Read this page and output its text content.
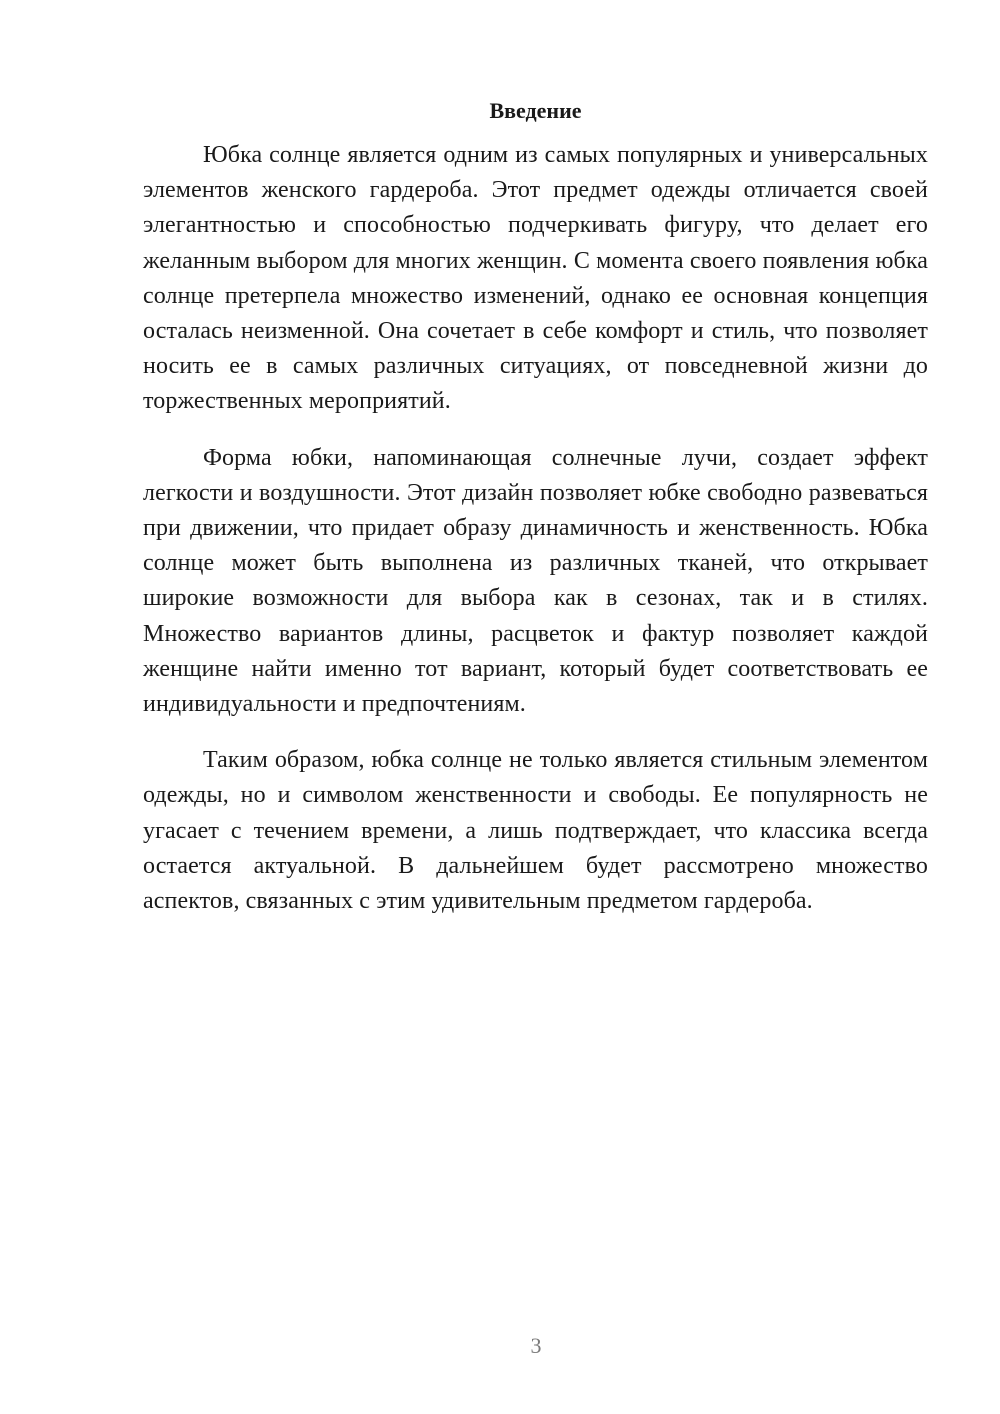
Введение

Юбка солнце является одним из самых популярных и универсальных элементов женского гардероба. Этот предмет одежды отличается своей элегантностью и способностью подчеркивать фигуру, что делает его желанным выбором для многих женщин. С момента своего появления юбка солнце претерпела множество изменений, однако ее основная концепция осталась неизменной. Она сочетает в себе комфорт и стиль, что позволяет носить ее в самых различных ситуациях, от повседневной жизни до торжественных мероприятий.

Форма юбки, напоминающая солнечные лучи, создает эффект легкости и воздушности. Этот дизайн позволяет юбке свободно развеваться при движении, что придает образу динамичность и женственность. Юбка солнце может быть выполнена из различных тканей, что открывает широкие возможности для выбора как в сезонах, так и в стилях. Множество вариантов длины, расцветок и фактур позволяет каждой женщине найти именно тот вариант, который будет соответствовать ее индивидуальности и предпочтениям.

Таким образом, юбка солнце не только является стильным элементом одежды, но и символом женственности и свободы. Ее популярность не угасает с течением времени, а лишь подтверждает, что классика всегда остается актуальной. В дальнейшем будет рассмотрено множество аспектов, связанных с этим удивительным предметом гардероба.

3
